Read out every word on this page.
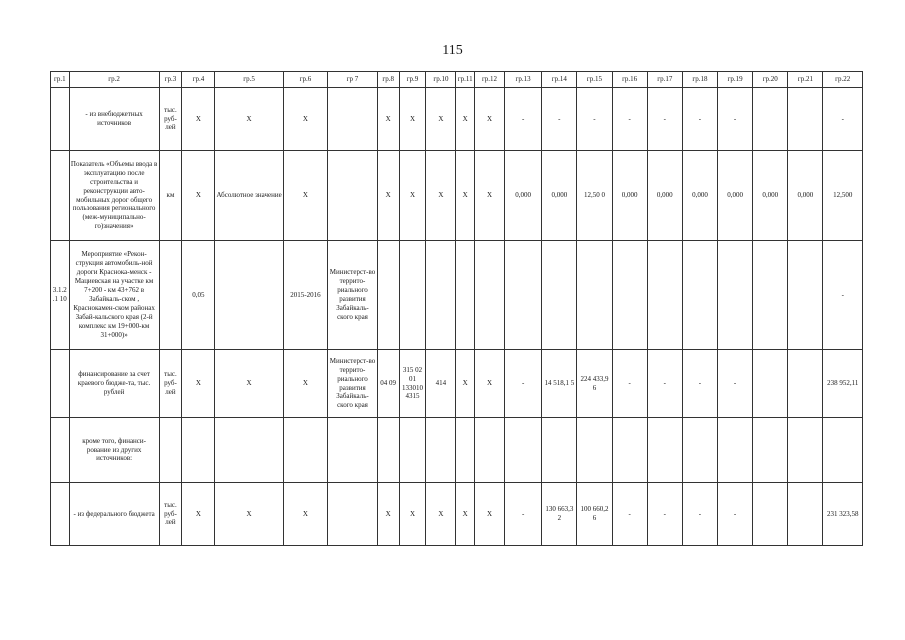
115
гр.1	гр.2	гр.3	гр.4	гр.5	гр.6	гр 7	гр.8	гр.9	гр.10	гр.11	гр.12	гр.13	гр.14	гр.15	гр.16	гр.17	гр.18	гр.19	гр.20	гр.21	гр.22
	- из внебюджетных источников	тыс. руб-лей	X	X	X		X	X	X	X	X	-	-	-	-	-	-	-			-
	Показатель «Объемы ввода в эксплуатацию после строительства и реконструкции авто-мобильных дорог общего пользования регионального (меж-муниципально-го)значения»	км	X	Абсолютное значение	X		X	X	X	X	X	0,000	0,000	12,50 0	0,000	0,000	0,000	0,000	0,000	0,000	12,500
3.1.2.1 10	Мероприятие «Рекон-струкция автомобиль-ной дороги Краснока-менск - Мациевская на участке км 7+200 - км 43+762 в Забайкаль-ском , Краснокамен-ском районах Забай-кальского края (2-й комплекс км 19+000-км 31+000)»		0,05		2015-2016	Министерст-во террито-риального развития Забайкаль-ского края															-
	финансирование за счет краевого бюдже-та, тыс. рублей	тыс. руб-лей	X	X	X	Министерст-во террито-риального развития Забайкаль-ского края	04 09	315 02 01 133010 4315	414	X	X	-	14 518,1 5	224 433,9 6	-	-	-	-			238 952,11
	кроме того, финанси-рование из других источников:																				
	- из федерального бюджета	тыс. руб-лей	X	X	X		X	X	X	X	X	-	130 663,3 2	100 660,2 6	-	-	-	-			231 323,58
